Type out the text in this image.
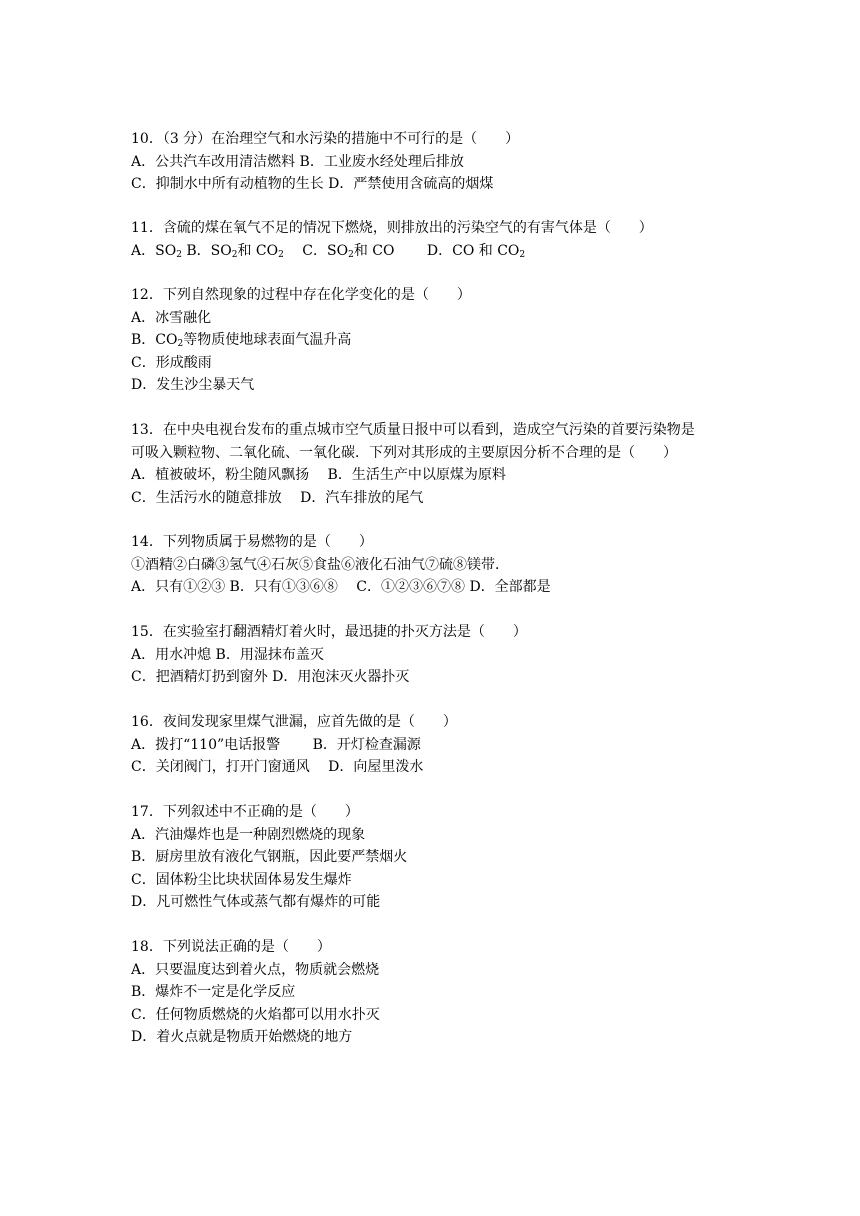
10．（3 分）在治理空气和水污染的措施中不可行的是（　　）
A．公共汽车改用清洁燃料 B．工业废水经处理后排放
C．抑制水中所有动植物的生长 D．严禁使用含硫高的烟煤
11．含硫的煤在氧气不足的情况下燃烧，则排放出的污染空气的有害气体是（　　）
A．$SO_2$ B．$SO_2$和 $CO_2$ C．$SO_2$和 CO D．CO 和 $CO_2$
12．下列自然现象的过程中存在化学变化的是（　　）
A．冰雪融化
B．$CO_2$等物质使地球表面气温升高
C．形成酸雨
D．发生沙尘暴天气
13．在中央电视台发布的重点城市空气质量日报中可以看到，造成空气污染的首要污染物是
可吸入颗粒物、二氧化硫、一氧化碳．下列对其形成的主要原因分析不合理的是（　　）
A．植被破坏，粉尘随风飘扬　 B．生活生产中以原煤为原料
C．生活污水的随意排放　 D．汽车排放的尾气
14．下列物质属于易燃物的是（　　）
①酒精②白磷③氢气④石灰⑤食盐⑥液化石油气⑦硫⑧镁带．
A．只有①②③ B．只有①③⑥⑧　 C．①②③⑥⑦⑧ D．全部都是
15．在实验室打翻酒精灯着火时，最迅捷的扑灭方法是（　　）
A．用水冲熄 B．用湿抹布盖灭
C．把酒精灯扔到窗外 D．用泡沫灭火器扑灭
16．夜间发现家里煤气泄漏，应首先做的是（　　）
A．拨打“110”电话报警　　 B．开灯检查漏源
C．关闭阀门，打开门窗通风　 D．向屋里泼水
17．下列叙述中不正确的是（　　）
A．汽油爆炸也是一种剧烈燃烧的现象
B．厨房里放有液化气钢瓶，因此要严禁烟火
C．固体粉尘比块状固体易发生爆炸
D．凡可燃性气体或蒸气都有爆炸的可能
18．下列说法正确的是（　　）
A．只要温度达到着火点，物质就会燃烧
B．爆炸不一定是化学反应
C．任何物质燃烧的火焰都可以用水扑灭
D．着火点就是物质开始燃烧的地方
